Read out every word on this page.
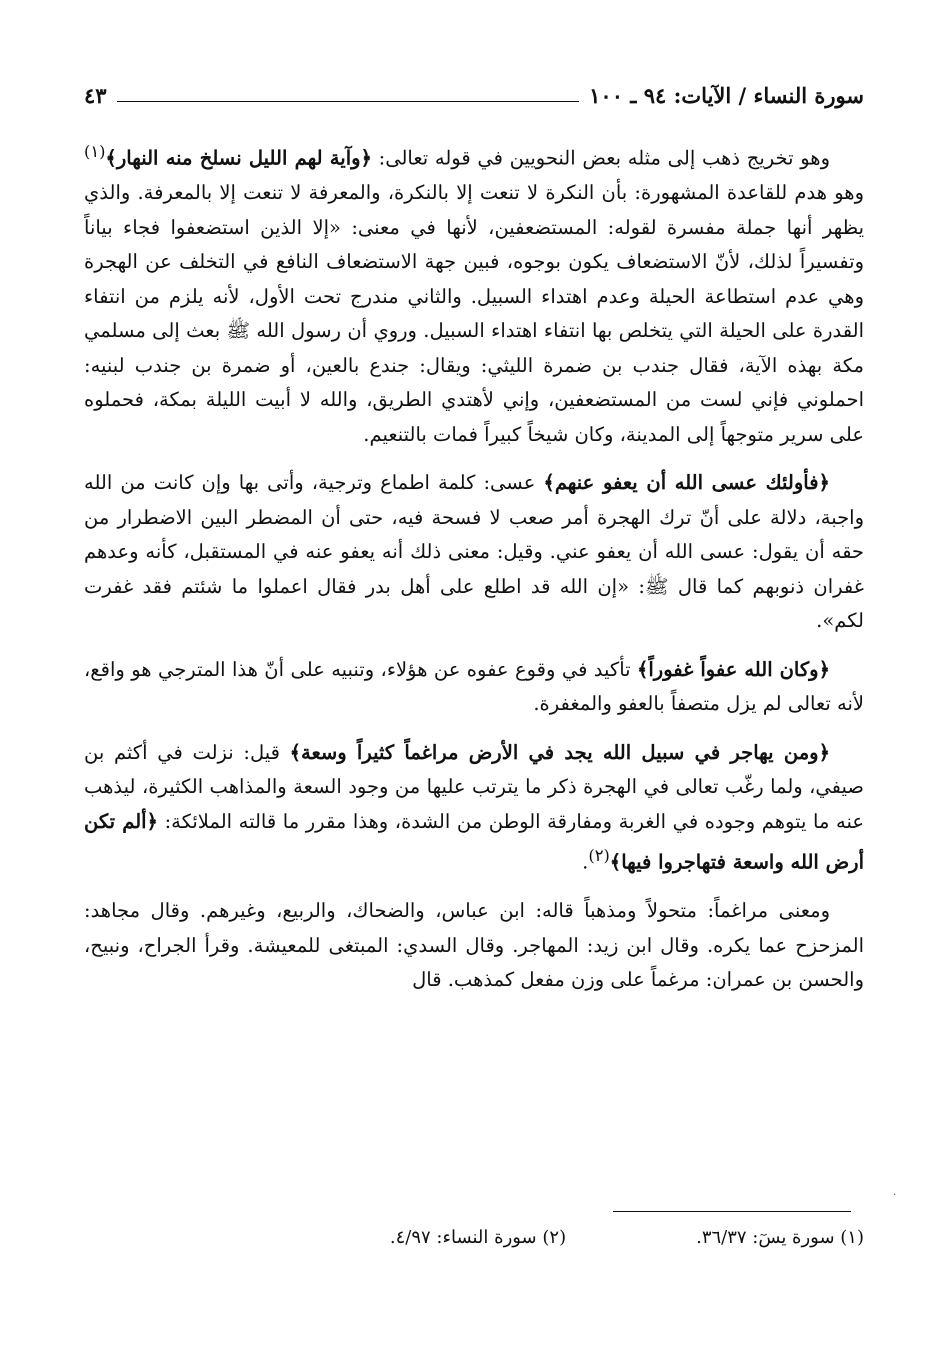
سورة النساء / الآيات: ٩٤ ـ ١٠٠
٤٣

وهو تخريج ذهب إلى مثله بعض النحويين في قوله تعالى: ﴿وآية لهم الليل نسلخ منه النهار﴾$^{(١)}$ وهو هدم للقاعدة المشهورة: بأن النكرة لا تنعت إلا بالنكرة، والمعرفة لا تنعت إلا بالمعرفة. والذي يظهر أنها جملة مفسرة لقوله: المستضعفين، لأنها في معنى: «إلا الذين استضعفوا فجاء بياناً وتفسيراً لذلك، لأنّ الاستضعاف يكون بوجوه، فبين جهة الاستضعاف النافع في التخلف عن الهجرة وهي عدم استطاعة الحيلة وعدم اهتداء السبيل. والثاني مندرج تحت الأول، لأنه يلزم من انتفاء القدرة على الحيلة التي يتخلص بها انتفاء اهتداء السبيل. وروي أن رسول الله ﷺ بعث إلى مسلمي مكة بهذه الآية، فقال جندب بن ضمرة الليثي: ويقال: جندع بالعين، أو ضمرة بن جندب لبنيه: احملوني فإني لست من المستضعفين، وإني لأهتدي الطريق، والله لا أبيت الليلة بمكة، فحملوه على سرير متوجهاً إلى المدينة، وكان شيخاً كبيراً فمات بالتنعيم.

﴿فأولئك عسى الله أن يعفو عنهم﴾ عسى: كلمة اطماع وترجية، وأتى بها وإن كانت من الله واجبة، دلالة على أنّ ترك الهجرة أمر صعب لا فسحة فيه، حتى أن المضطر البين الاضطرار من حقه أن يقول: عسى الله أن يعفو عني. وقيل: معنى ذلك أنه يعفو عنه في المستقبل، كأنه وعدهم غفران ذنوبهم كما قال ﷺ: «إن الله قد اطلع على أهل بدر فقال اعملوا ما شئتم فقد غفرت لكم».

﴿وكان الله عفواً غفوراً﴾ تأكيد في وقوع عفوه عن هؤلاء، وتنبيه على أنّ هذا المترجي هو واقع، لأنه تعالى لم يزل متصفاً بالعفو والمغفرة.

﴿ومن يهاجر في سبيل الله يجد في الأرض مراغماً كثيراً وسعة﴾ قيل: نزلت في أكثم بن صيفي، ولما رغّب تعالى في الهجرة ذكر ما يترتب عليها من وجود السعة والمذاهب الكثيرة، ليذهب عنه ما يتوهم وجوده في الغربة ومفارقة الوطن من الشدة، وهذا مقرر ما قالته الملائكة: ﴿ألم تكن أرض الله واسعة فتهاجروا فيها﴾$^{(٢)}$.

ومعنى مراغماً: متحولاً ومذهباً قاله: ابن عباس، والضحاك، والربيع، وغيرهم. وقال مجاهد: المزحزح عما يكره. وقال ابن زيد: المهاجر. وقال السدي: المبتغى للمعيشة. وقرأ الجراح، ونبيح، والحسن بن عمران: مرغماً على وزن مفعل كمذهب. قال

(١) سورة يسٓ: ٣٦/٣٧.
(٢) سورة النساء: ٤/٩٧.
·
